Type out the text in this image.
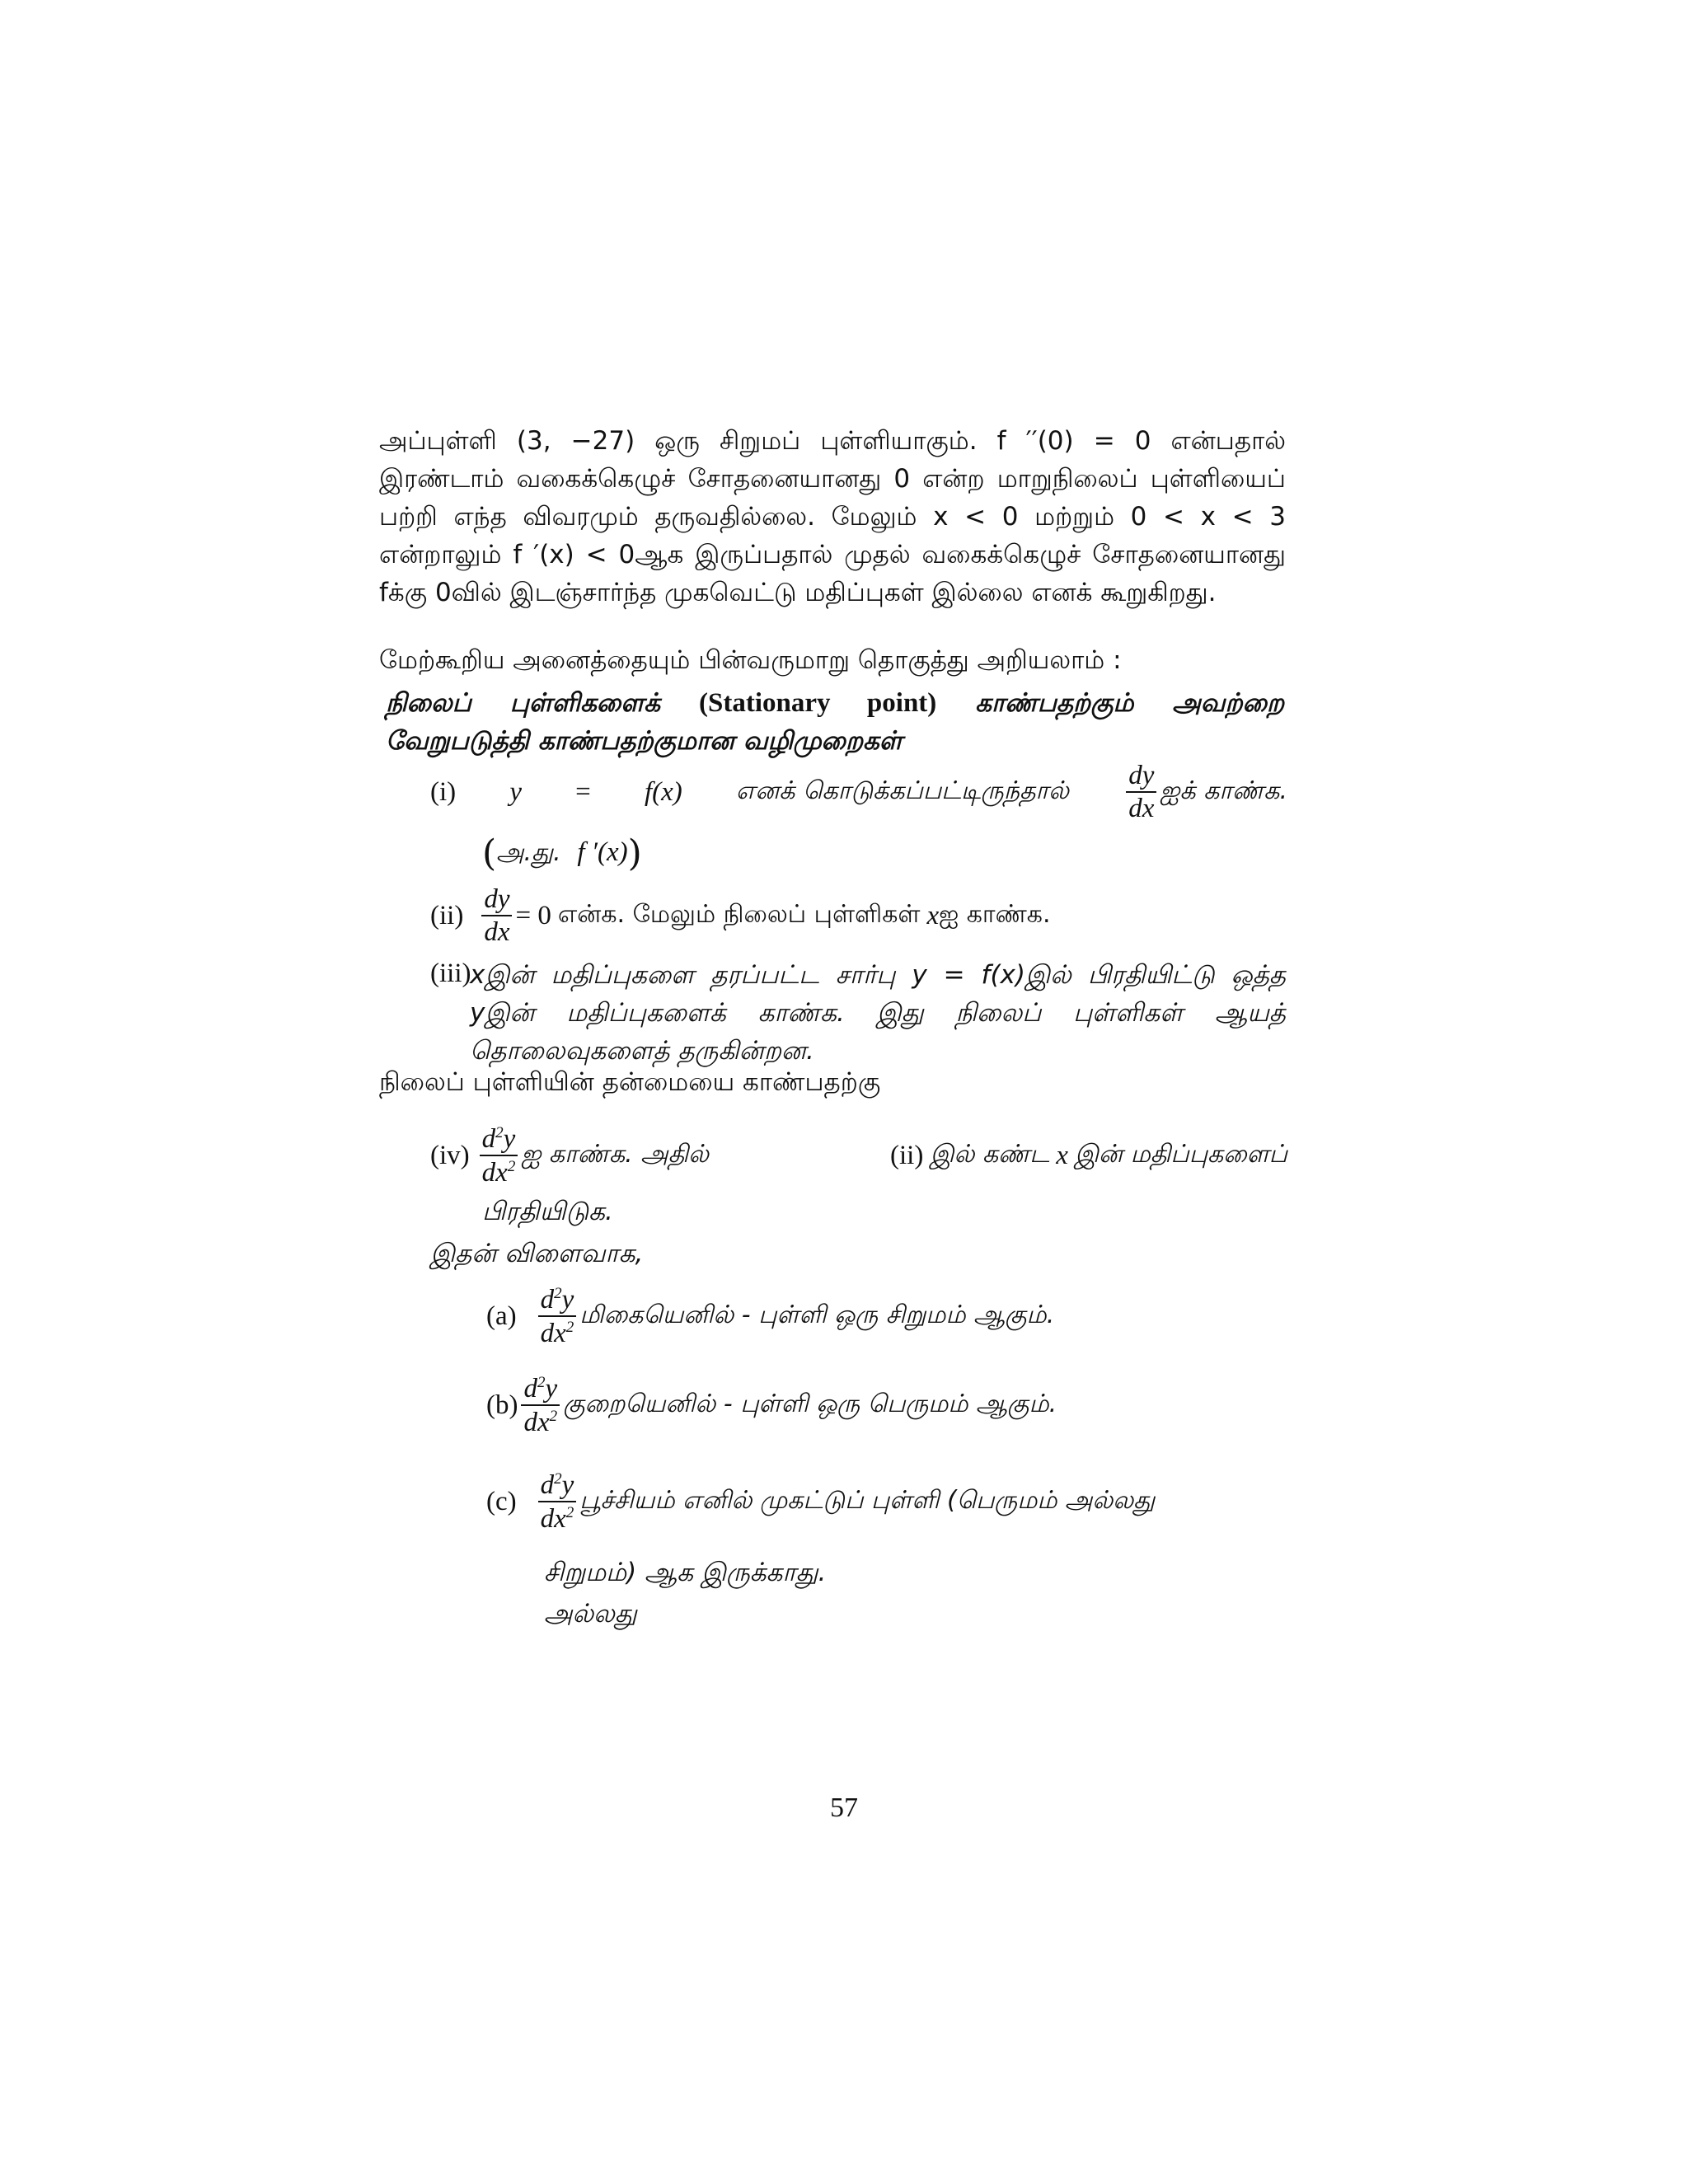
அப்புள்ளி (3, −27) ஒரு சிறுமப் புள்ளியாகும். f ′′(0) = 0 என்பதால் இரண்டாம் வகைக்கெழுச் சோதனையானது 0 என்ற மாறுநிலைப் புள்ளியைப் பற்றி எந்த விவரமும் தருவதில்லை. மேலும் x < 0 மற்றும் 0 < x < 3 என்றாலும் f ′(x) < 0ஆக இருப்பதால் முதல் வகைக்கெழுச் சோதனையானது fக்கு 0வில் இடஞ்சார்ந்த முகவெட்டு மதிப்புகள் இல்லை எனக் கூறுகிறது.
மேற்கூறிய அனைத்தையும் பின்வருமாறு தொகுத்து அறியலாம் :
நிலைப் புள்ளிகளைக் (Stationary point) காண்பதற்கும் அவற்றை வேறுபடுத்தி காண்பதற்குமான வழிமுறைகள்
(i) y = f(x) எனக் கொடுக்கப்பட்டிருந்தால் $\frac{dy}{dx}$ ஐக் காண்க.
(அ.து. f ′(x))
$(ii) \frac{dy}{dx} = 0$ என்க. மேலும் நிலைப் புள்ளிகள் x ஐ காண்க.
(iii)
xஇன் மதிப்புகளை தரப்பட்ட சார்பு y = f(x)இல் பிரதியிட்டு ஒத்த
yஇன் மதிப்புகளைக் காண்க. இது நிலைப் புள்ளிகள் ஆயத்
தொலைவுகளைத் தருகின்றன.
நிலைப் புள்ளியின் தன்மையை காண்பதற்கு
$(iv) \frac{d^2y}{dx^2}$ ஐ காண்க. அதில்	(ii) இல் கண்ட x இன் மதிப்புகளைப்
பிரதியிடுக.
இதன் விளைவாக,
$(a) \frac{d^2y}{dx^2}$ மிகையெனில் - புள்ளி ஒரு சிறுமம் ஆகும்.
$(b) \frac{d^2y}{dx^2}$ குறையெனில் - புள்ளி ஒரு பெருமம் ஆகும்.
$(c) \frac{d^2y}{dx^2}$ பூச்சியம் எனில் முகட்டுப் புள்ளி (பெருமம் அல்லது
சிறுமம்) ஆக இருக்காது.
அல்லது
57
